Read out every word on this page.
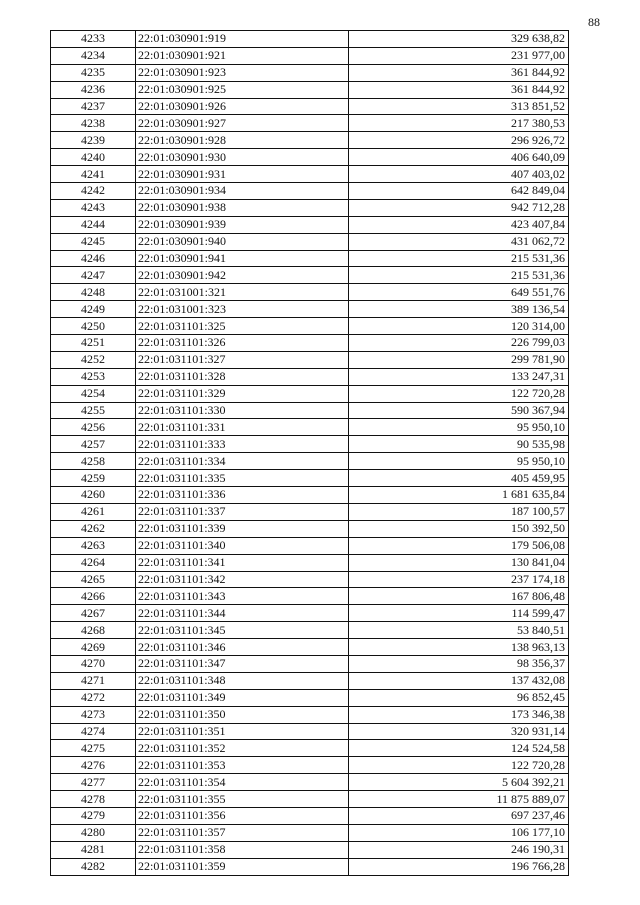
88
4233	22:01:030901:919	329 638,82
4234	22:01:030901:921	231 977,00
4235	22:01:030901:923	361 844,92
4236	22:01:030901:925	361 844,92
4237	22:01:030901:926	313 851,52
4238	22:01:030901:927	217 380,53
4239	22:01:030901:928	296 926,72
4240	22:01:030901:930	406 640,09
4241	22:01:030901:931	407 403,02
4242	22:01:030901:934	642 849,04
4243	22:01:030901:938	942 712,28
4244	22:01:030901:939	423 407,84
4245	22:01:030901:940	431 062,72
4246	22:01:030901:941	215 531,36
4247	22:01:030901:942	215 531,36
4248	22:01:031001:321	649 551,76
4249	22:01:031001:323	389 136,54
4250	22:01:031101:325	120 314,00
4251	22:01:031101:326	226 799,03
4252	22:01:031101:327	299 781,90
4253	22:01:031101:328	133 247,31
4254	22:01:031101:329	122 720,28
4255	22:01:031101:330	590 367,94
4256	22:01:031101:331	95 950,10
4257	22:01:031101:333	90 535,98
4258	22:01:031101:334	95 950,10
4259	22:01:031101:335	405 459,95
4260	22:01:031101:336	1 681 635,84
4261	22:01:031101:337	187 100,57
4262	22:01:031101:339	150 392,50
4263	22:01:031101:340	179 506,08
4264	22:01:031101:341	130 841,04
4265	22:01:031101:342	237 174,18
4266	22:01:031101:343	167 806,48
4267	22:01:031101:344	114 599,47
4268	22:01:031101:345	53 840,51
4269	22:01:031101:346	138 963,13
4270	22:01:031101:347	98 356,37
4271	22:01:031101:348	137 432,08
4272	22:01:031101:349	96 852,45
4273	22:01:031101:350	173 346,38
4274	22:01:031101:351	320 931,14
4275	22:01:031101:352	124 524,58
4276	22:01:031101:353	122 720,28
4277	22:01:031101:354	5 604 392,21
4278	22:01:031101:355	11 875 889,07
4279	22:01:031101:356	697 237,46
4280	22:01:031101:357	106 177,10
4281	22:01:031101:358	246 190,31
4282	22:01:031101:359	196 766,28
